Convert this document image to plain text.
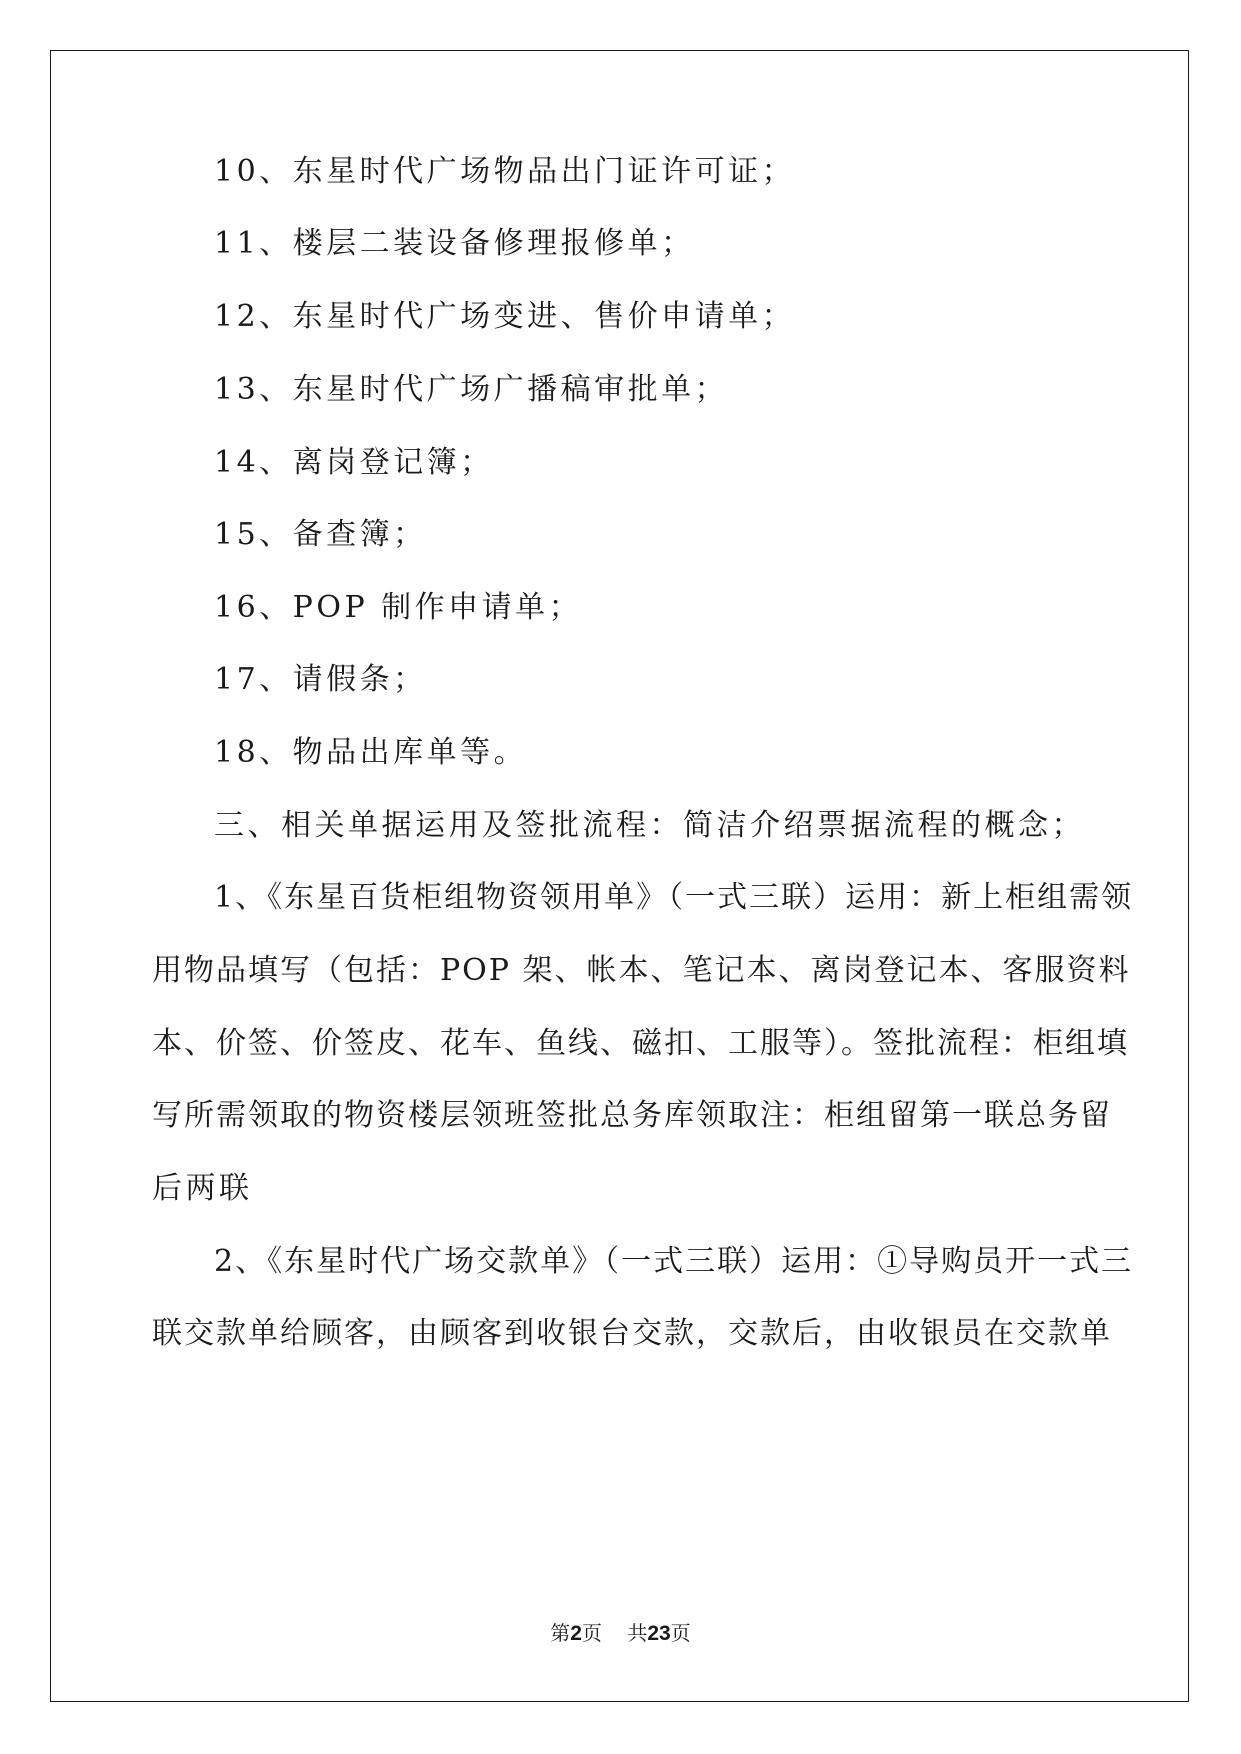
10、东星时代广场物品出门证许可证；
11、楼层二装设备修理报修单；
12、东星时代广场变进、售价申请单；
13、东星时代广场广播稿审批单；
14、离岗登记簿；
15、备查簿；
16、POP 制作申请单；
17、请假条；
18、物品出库单等。
三、相关单据运用及签批流程：简洁介绍票据流程的概念；
1、《东星百货柜组物资领用单》（一式三联）运用：新上柜组需领
用物品填写（包括：POP 架、帐本、笔记本、离岗登记本、客服资料
本、价签、价签皮、花车、鱼线、磁扣、工服等）。签批流程：柜组填
写所需领取的物资楼层领班签批总务库领取注：柜组留第一联总务留
后两联
2、《东星时代广场交款单》（一式三联）运用：①导购员开一式三
联交款单给顾客，由顾客到收银台交款，交款后，由收银员在交款单
第2页    共23页
